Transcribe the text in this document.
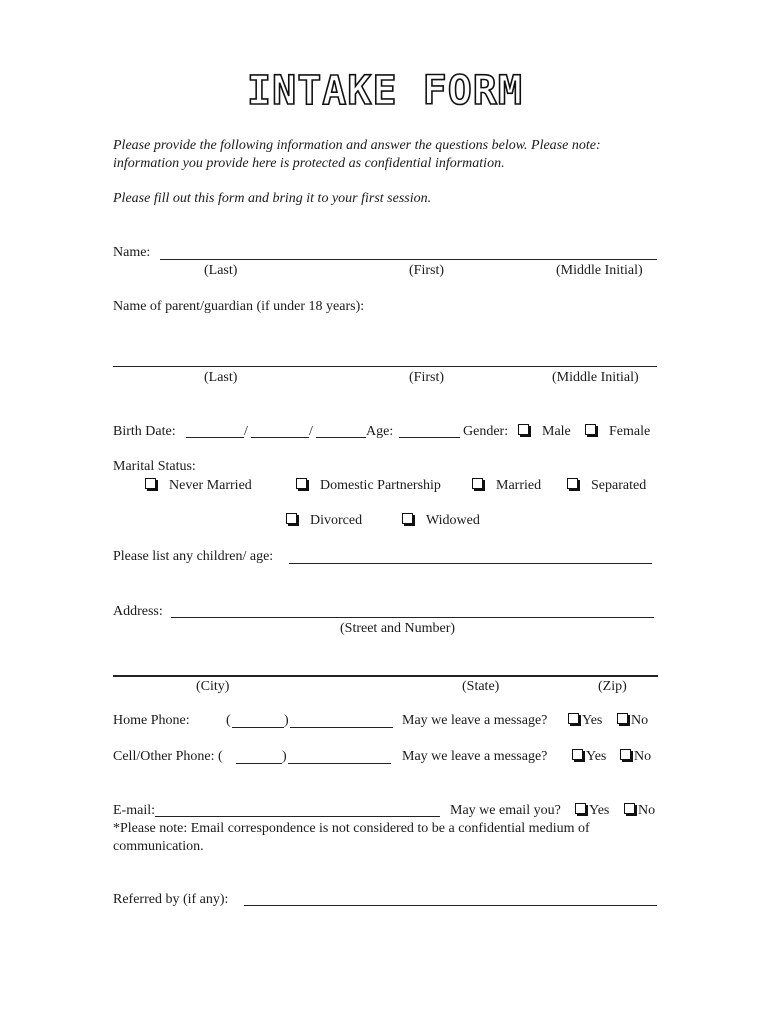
INTAKE FORM
Please provide the following information and answer the questions below. Please note:
information you provide here is protected as confidential information.
Please fill out this form and bring it to your first session.
Name:
(Last)	(First)	(Middle Initial)
Name of parent/guardian (if under 18 years):
(Last)	(First)	(Middle Initial)
Birth Date:	/	/	Age:	Gender:	Male	Female
Marital Status:
Never Married	Domestic Partnership	Married	Separated
Divorced	Widowed
Please list any children/ age:
Address:
(Street and Number)
(City)	(State)	(Zip)
Home Phone:	(	)	May we leave a message?	Yes	No
Cell/Other Phone: (	)	May we leave a message?	Yes	No
E-mail:	May we email you?	Yes	No
*Please note: Email correspondence is not considered to be a confidential medium of
communication.
Referred by (if any):
